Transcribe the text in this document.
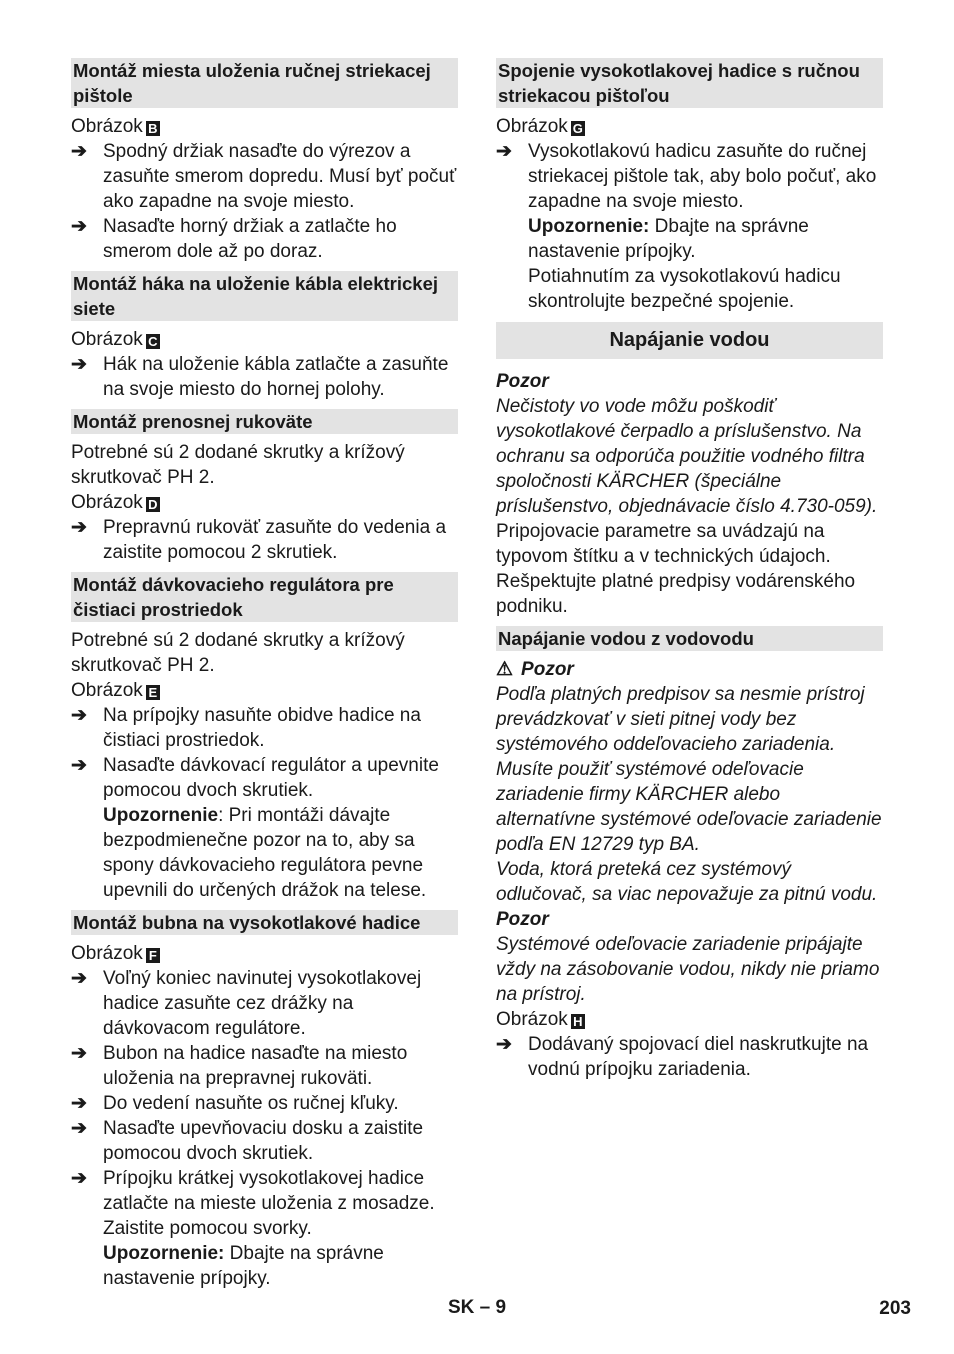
Montáž miesta uloženia ručnej striekacej pištole

Obrázok B

➔ Spodný držiak nasaďte do výrezov a zasuňte smerom dopredu. Musí byť počuť ako zapadne na svoje miesto.
➔ Nasaďte horný držiak a zatlačte ho smerom dole až po doraz.
Montáž háka na uloženie kábla elektrickej siete

Obrázok C

➔ Hák na uloženie kábla zatlačte a zasuňte na svoje miesto do hornej polohy.
Montáž prenosnej rukoväte

Potrebné sú 2 dodané skrutky a krížový skrutkovač PH 2.

Obrázok D

➔ Prepravnú rukoväť zasuňte do vedenia a zaistite pomocou 2 skrutiek.
Montáž dávkovacieho regulátora pre čistiaci prostriedok

Potrebné sú 2 dodané skrutky a krížový skrutkovač PH 2.

Obrázok E

➔ Na prípojky nasuňte obidve hadice na čistiaci prostriedok.
➔ Nasaďte dávkovací regulátor a upevnite pomocou dvoch skrutiek.
Upozornenie: Pri montáži dávajte bezpodmienečne pozor na to, aby sa spony dávkovacieho regulátora pevne upevnili do určených drážok na telese.
Montáž bubna na vysokotlakové hadice

Obrázok F

➔ Voľný koniec navinutej vysokotlakovej hadice zasuňte cez drážky na dávkovacom regulátore.
➔ Bubon na hadice nasaďte na miesto uloženia na prepravnej rukoväti.
➔ Do vedení nasuňte os ručnej kľuky.
➔ Nasaďte upevňovaciu dosku a zaistite pomocou dvoch skrutiek.
➔ Prípojku krátkej vysokotlakovej hadice zatlačte na mieste uloženia z mosadze. Zaistite pomocou svorky.
Upozornenie: Dbajte na správne nastavenie prípojky.
Spojenie vysokotlakovej hadice s ručnou striekacou pištoľou

Obrázok G

➔ Vysokotlakovú hadicu zasuňte do ručnej striekacej pištole tak, aby bolo počuť, ako zapadne na svoje miesto.
Upozornenie: Dbajte na správne nastavenie prípojky.
Potiahnutím za vysokotlakovú hadicu skontrolujte bezpečné spojenie.
Napájanie vodou

Pozor

Nečistoty vo vode môžu poškodiť vysokotlakové čerpadlo a príslušenstvo. Na ochranu sa odporúča použitie vodného filtra spoločnosti KÄRCHER (špeciálne príslušenstvo, objednávacie číslo 4.730-059).

Pripojovacie parametre sa uvádzajú na typovom štítku a v technických údajoch.

Rešpektujte platné predpisy vodárenského podniku.

Napájanie vodou z vodovodu

⚠ Pozor

Podľa platných predpisov sa nesmie prístroj prevádzkovať v sieti pitnej vody bez systémového oddeľovacieho zariadenia. Musíte použiť systémové odeľovacie zariadenie firmy KÄRCHER alebo alternatívne systémové odeľovacie zariadenie podľa EN 12729 typ BA.

Voda, ktorá preteká cez systémový odlučovač, sa viac nepovažuje za pitnú vodu.

Pozor

Systémové odeľovacie zariadenie pripájajte vždy na zásobovanie vodou, nikdy nie priamo na prístroj.

Obrázok H

➔ Dodávaný spojovací diel naskrutkujte na vodnú prípojku zariadenia.
SK – 9	203
